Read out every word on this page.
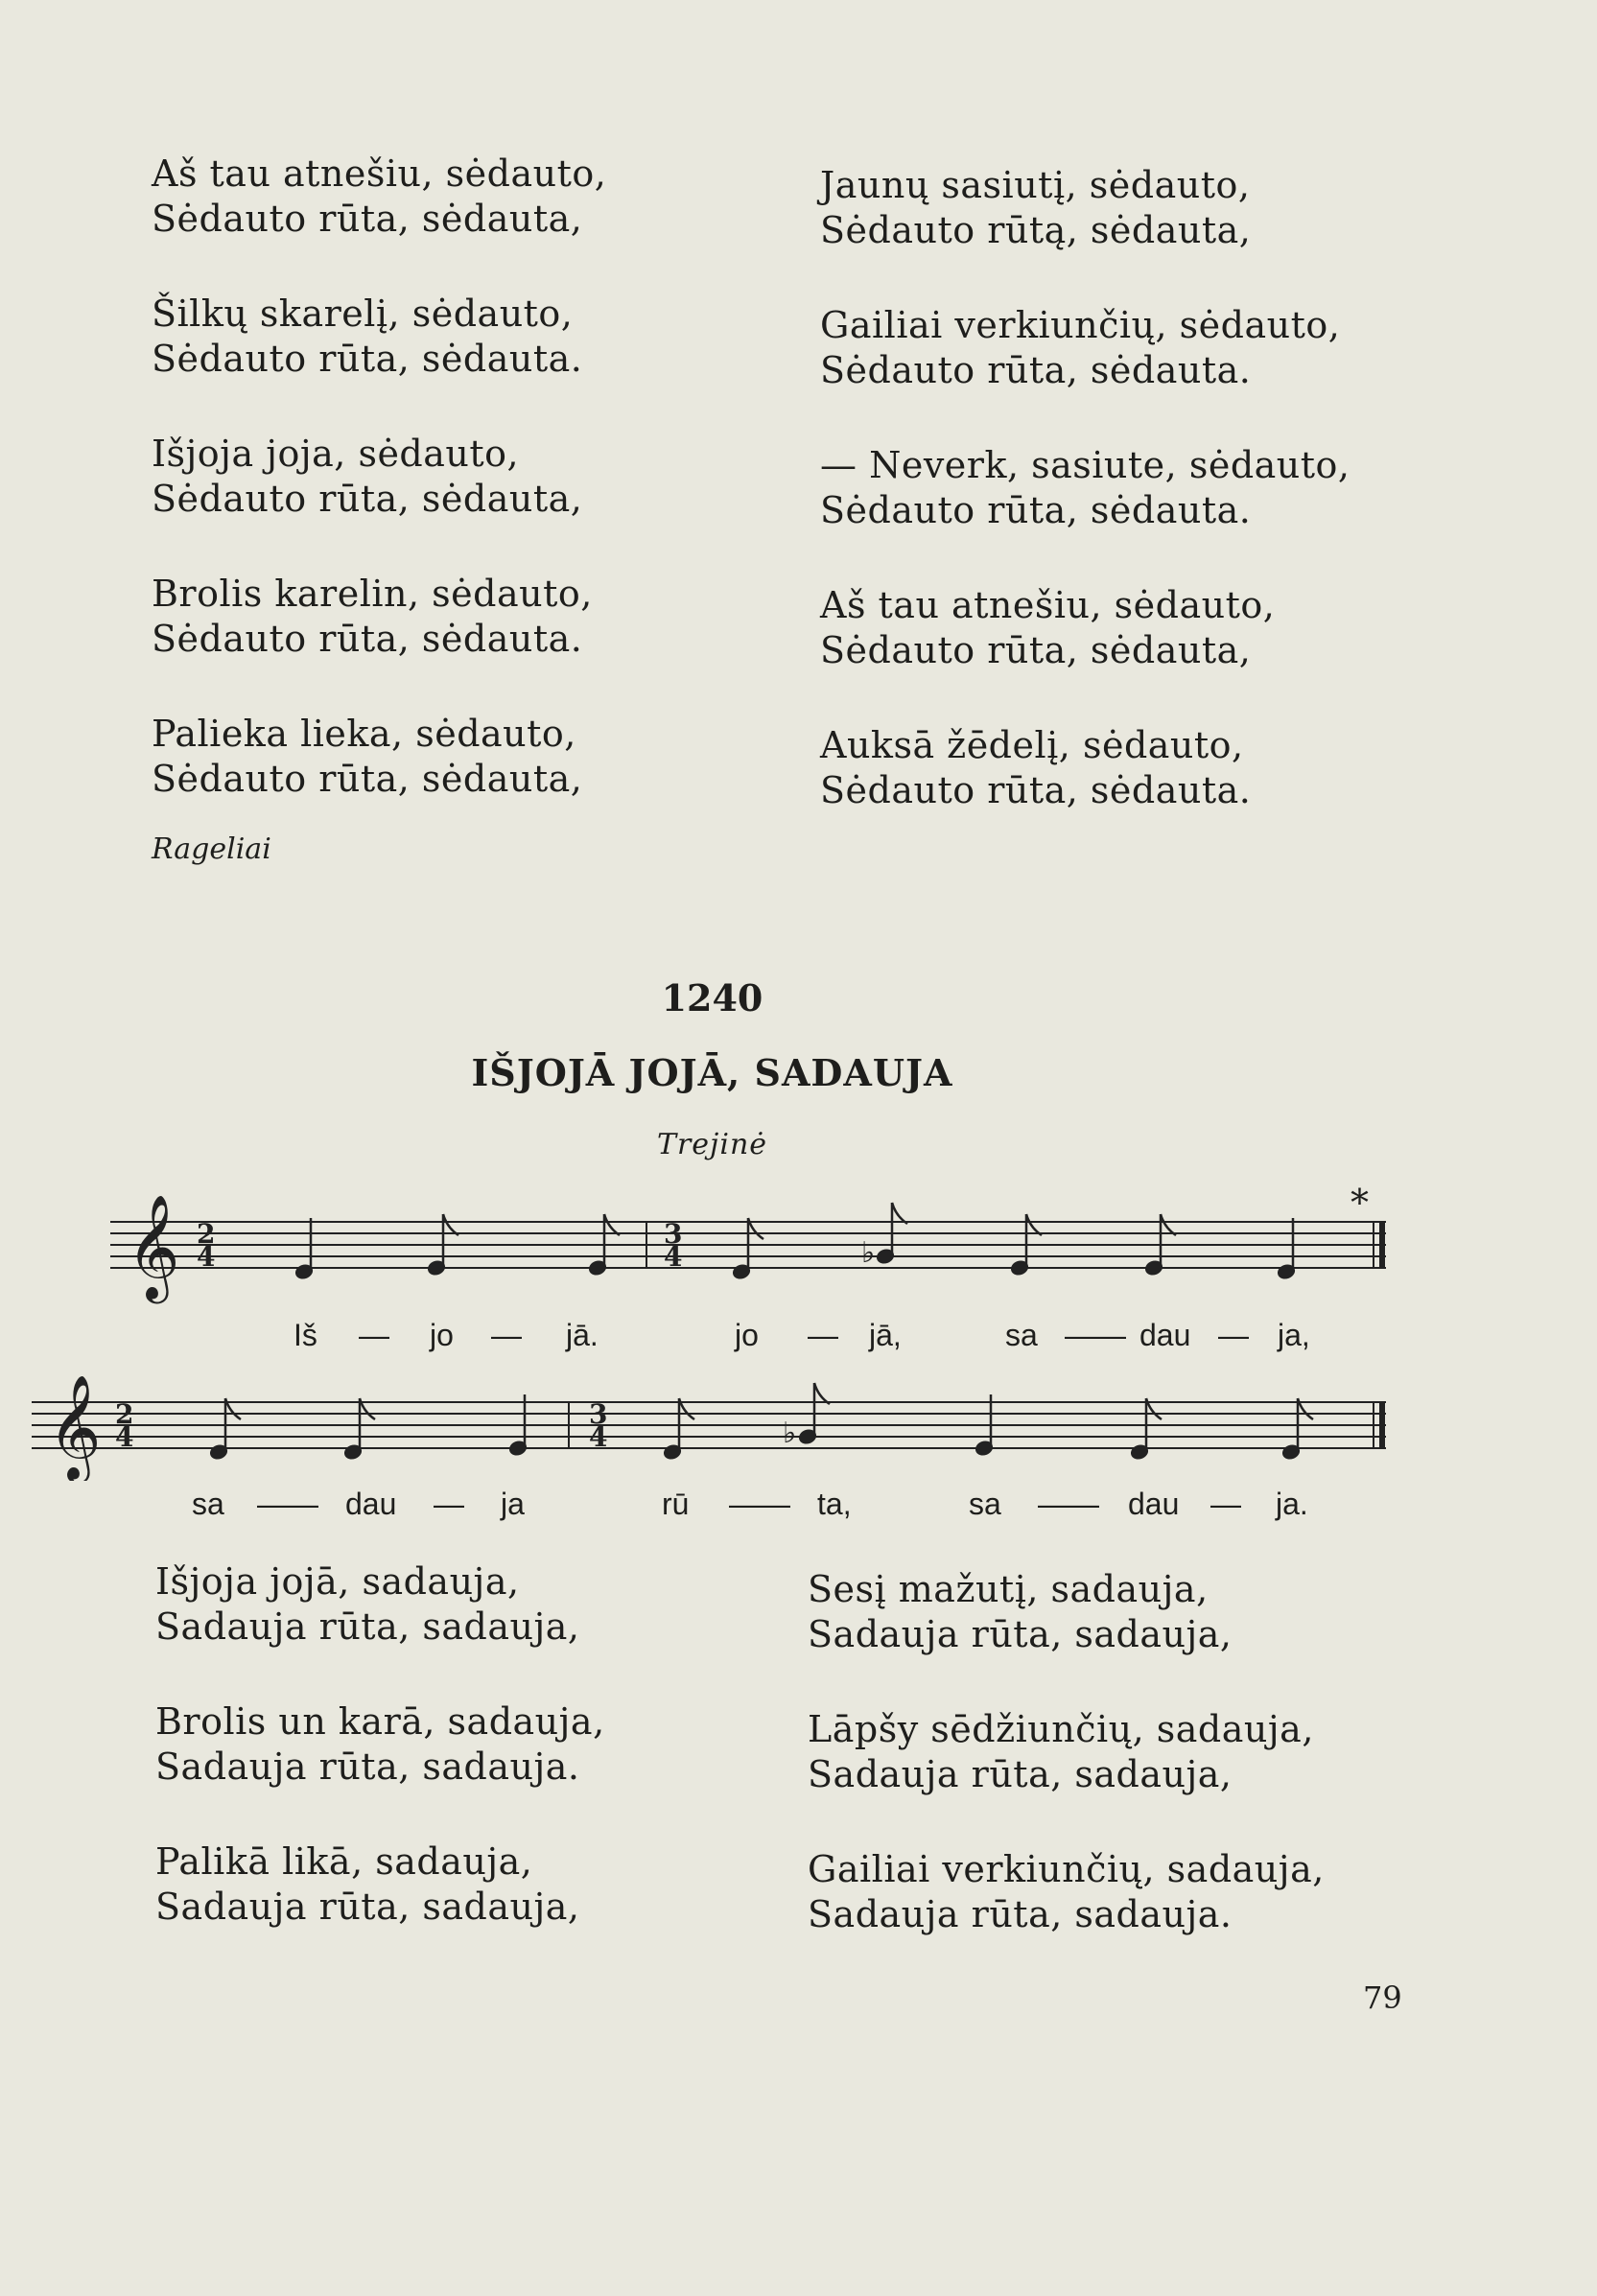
Aš tau atnešiu, sėdauto,
Sėdauto rūta, sėdauta,
Šilkų skarelį, sėdauto,
Sėdauto rūta, sėdauta.
Išjoja joja, sėdauto,
Sėdauto rūta, sėdauta,
Brolis karelin, sėdauto,
Sėdauto rūta, sėdauta.
Palieka lieka, sėdauto,
Sėdauto rūta, sėdauta,
Rageliai
Jaunų sasiutį, sėdauto,
Sėdauto rūtą, sėdauta,
Gailiai verkiunčių, sėdauto,
Sėdauto rūta, sėdauta.
— Neverk, sasiute, sėdauto,
Sėdauto rūta, sėdauta.
Aš tau atnešiu, sėdauto,
Sėdauto rūta, sėdauta,
Auksā žēdelį, sėdauto,
Sėdauto rūta, sėdauta.
1240
IŠJOJĀ JOJĀ, SADAUJA
Trejinė
*
𝄞 2
4
3
4	♭
Iš — jo — jā.	jo — jā,	sa —— dau — ja,
𝄞 2
4
3
4	♭
sa —— dau — ja	rū —— ta,	sa —— dau — ja.
Išjoja jojā, sadauja,
Sadauja rūta, sadauja,
Brolis un karā, sadauja,
Sadauja rūta, sadauja.
Palikā likā, sadauja,
Sadauja rūta, sadauja,
Sesį mažutį, sadauja,
Sadauja rūta, sadauja,
Lāpšy sēdžiunčių, sadauja,
Sadauja rūta, sadauja,
Gailiai verkiunčių, sadauja,
Sadauja rūta, sadauja.
79
